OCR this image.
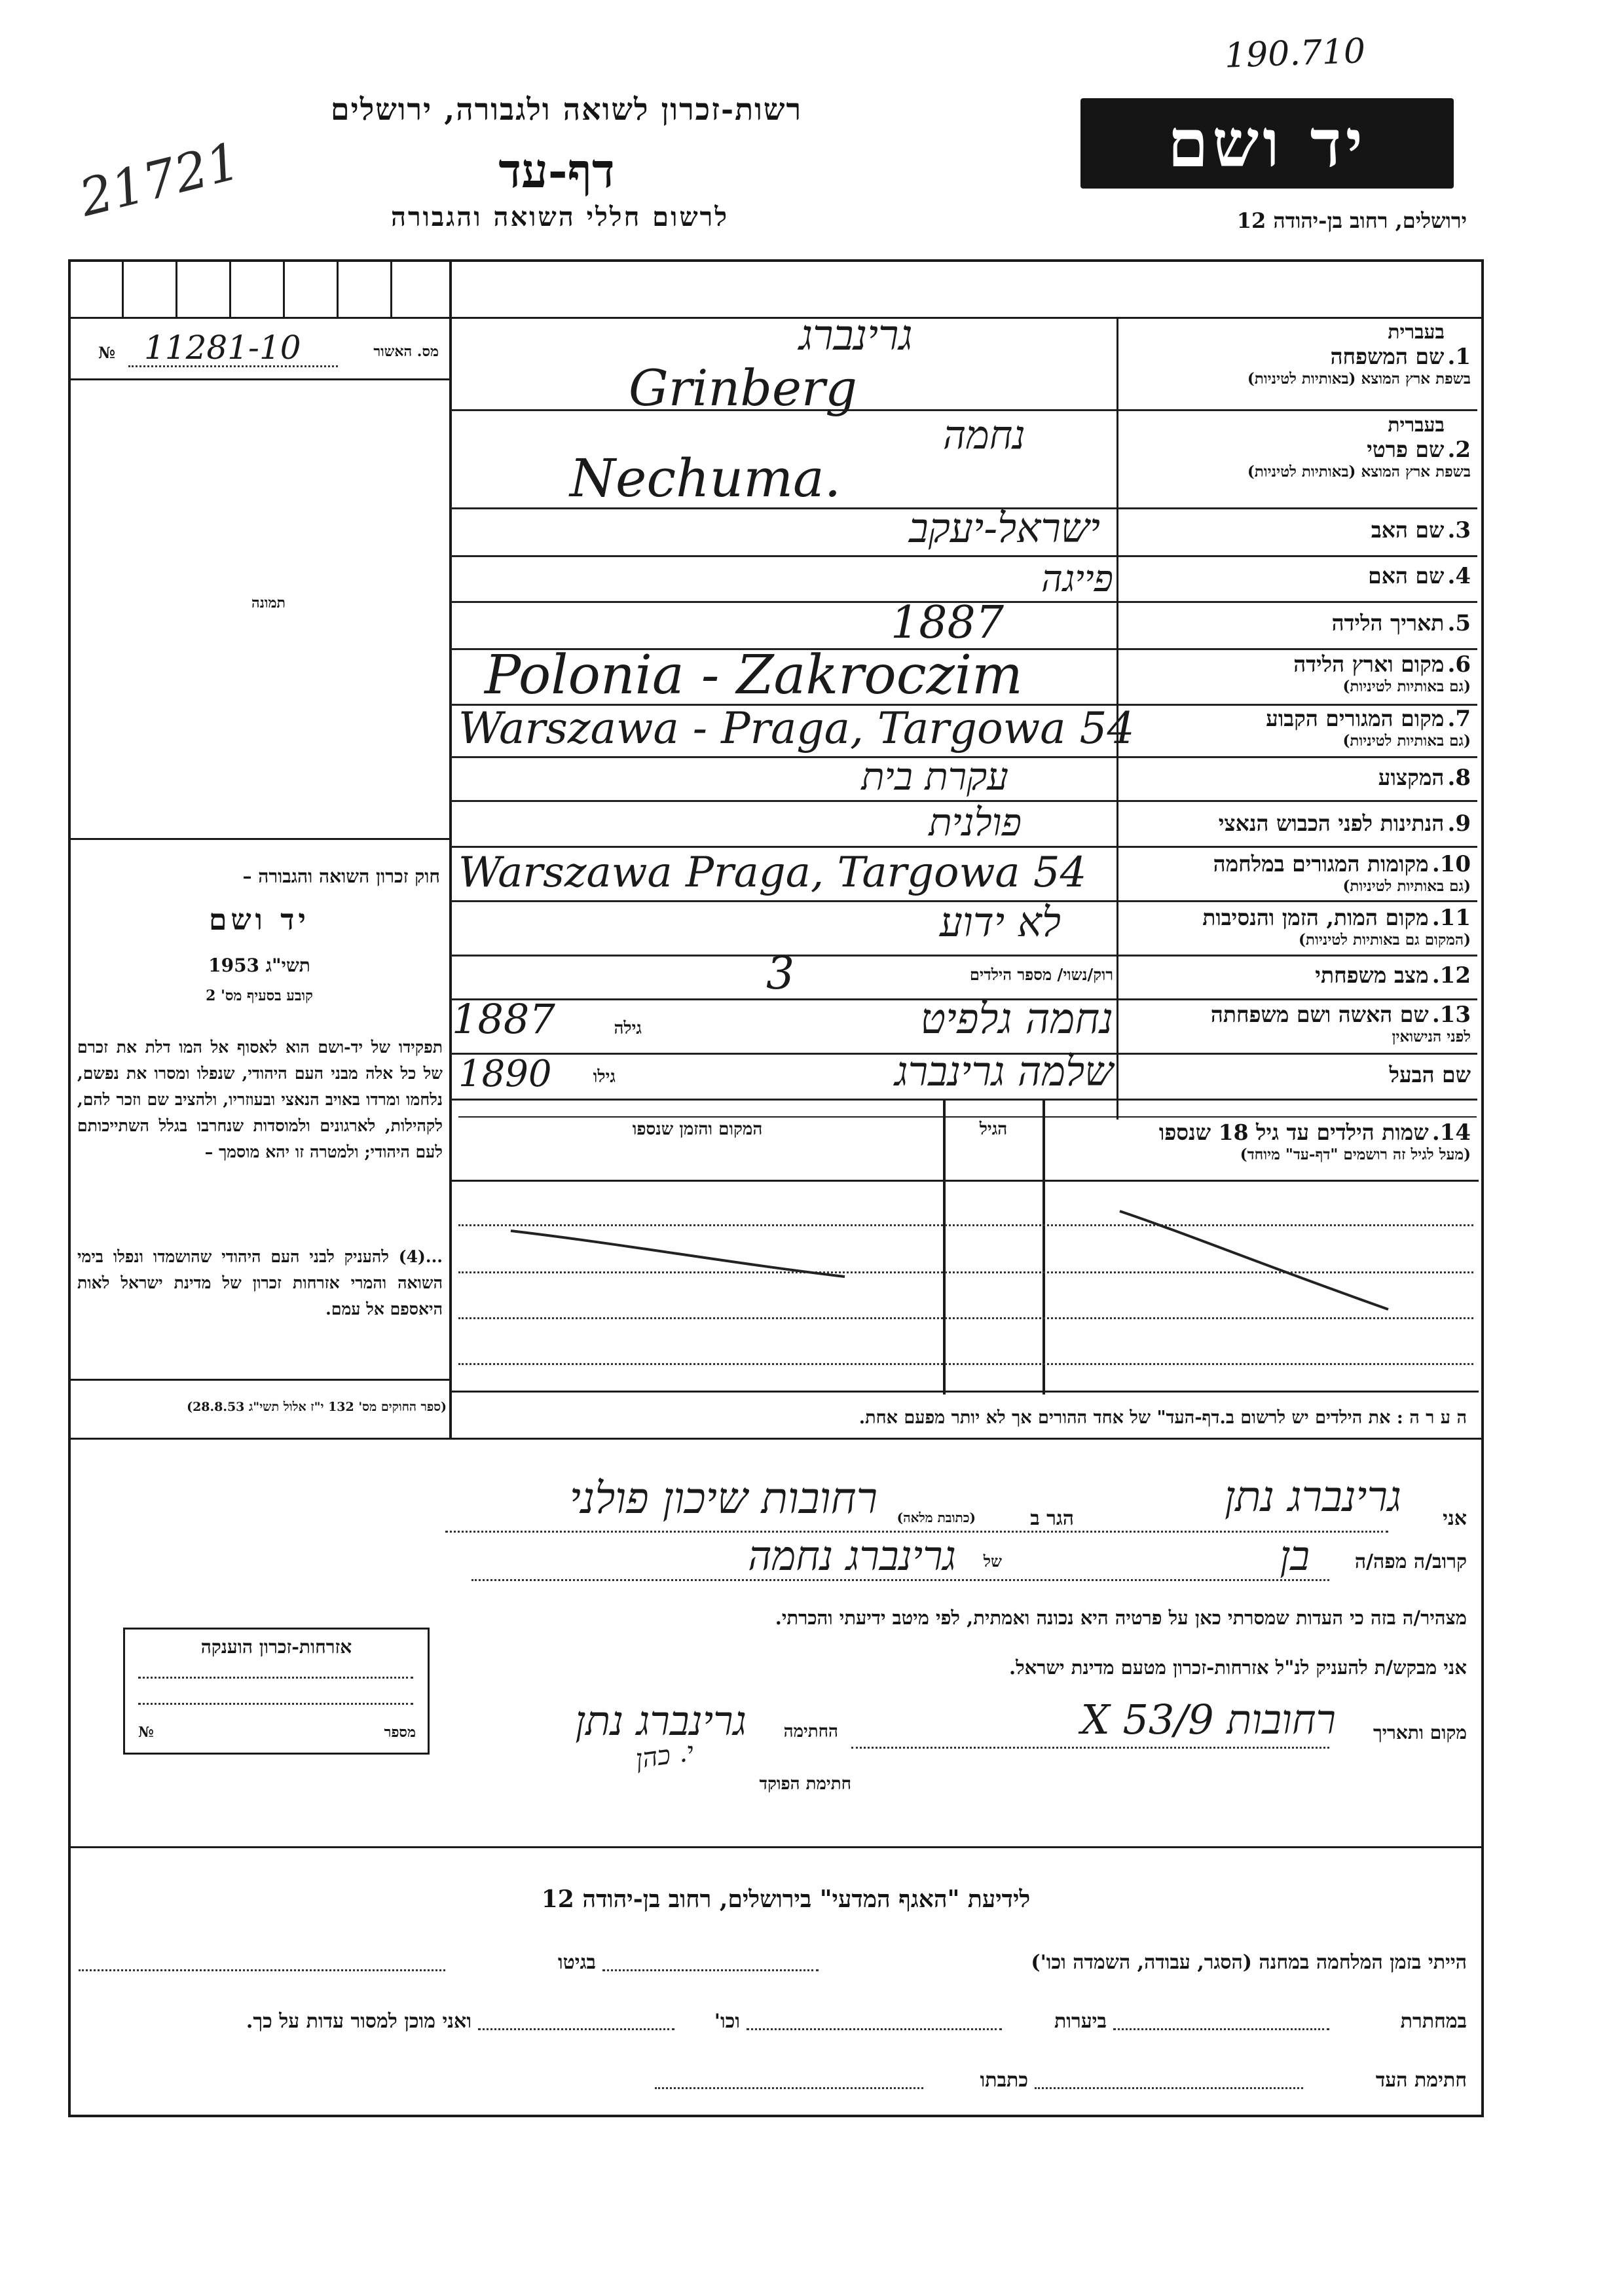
190.710
21721
רשות-זכרון לשואה ולגבורה, ירושלים
דף-עד
לרשום חללי השואה והגבורה
יד ושם
ירושלים, רחוב בן-יהודה 12
№ 11281-10	מס. האשור
תמונה
חוק זכרון השואה והגבורה –
יד ושם
תשי"ג 1953
קובע בסעיף מס' 2
תפקידו של יד-ושם הוא לאסוף אל המו דלת את זכרם של כל אלה מבני העם היהודי, שנפלו ומסרו את נפשם, נלחמו ומרדו באויב הנאצי ובעוזריו, ולהציב שם וזכר להם, לקהילות, לארגונים ולמוסדות שנחרבו בגלל השתייכותם לעם היהודי; ולמטרה זו יהא מוסמך –
...(4) להעניק לבני העם היהודי שהושמדו ונפלו בימי השואה והמרי אזרחות זכרון של מדינת ישראל לאות היאספם אל עמם.
(ספר החוקים מס' 132 י"ז אלול תשי"ג 28.8.53)
בעברית
1. שם המשפחה
בשפת ארץ המוצא (באותיות לטיניות)
גרינברג
Grinberg
בעברית
2. שם פרטי
בשפת ארץ המוצא (באותיות לטיניות)
נחמה
Nechuma.
3. שם האב
ישראל-יעקב
4. שם האם
פייגה
5. תאריך הלידה
1887
6. מקום וארץ הלידה
(גם באותיות לטיניות)
Polonia - Zakroczim
7. מקום המגורים הקבוע
(גם באותיות לטיניות)
Warszawa - Praga, Targowa 54
8. המקצוע
עקרת בית
9. הנתינות לפני הכבוש הנאצי
פולנית
10. מקומות המגורים במלחמה
(גם באותיות לטיניות)
Warszawa Praga, Targowa 54
11. מקום המות, הזמן והנסיבות
(המקום גם באותיות לטיניות)
לא ידוע
12. מצב משפחתי
רוק/נשוי/ מספר הילדים
3
13. שם האשה ושם משפחתה
לפני הנישואין
גילה
1887	נחמה גלפיט
שם הבעל
גילו
1890	שלמה גרינברג
14. שמות הילדים עד גיל 18 שנספו
(מעל לגיל זה רושמים "דף-עד" מיוחד)
הגיל
המקום והזמן שנספו
ה ע ר ה : את הילדים יש לרשום ב.דף-העד" של אחד ההורים אך לא יותר מפעם אחת.
אני
גרינברג נתן
הגר ב
(כתובת מלאה)
רחובות שיכון פולני
קרוב/ה מפה/ה
בן
של
גרינברג נחמה
מצהיר/ה בזה כי העדות שמסרתי כאן על פרטיה היא נכונה ואמתית, לפי מיטב ידיעתי והכרתי.
אני מבקש/ת להעניק לנ"ל אזרחות-זכרון מטעם מדינת ישראל.
מקום ותאריך
רחובות 9/X 53
החתימה
גרינברג נתן
חתימת הפוקד
י. כהן
אזרחות-זכרון הוענקה
№	מספר
לידיעת "האגף המדעי" בירושלים, רחוב בן-יהודה 12
הייתי בזמן המלחמה במחנה (הסגר, עבודה, השמדה וכו')
בגיטו
במחתרת
ביערות
וכו'
ואני מוכן למסור עדות על כך.
חתימת העד
כתבתו
